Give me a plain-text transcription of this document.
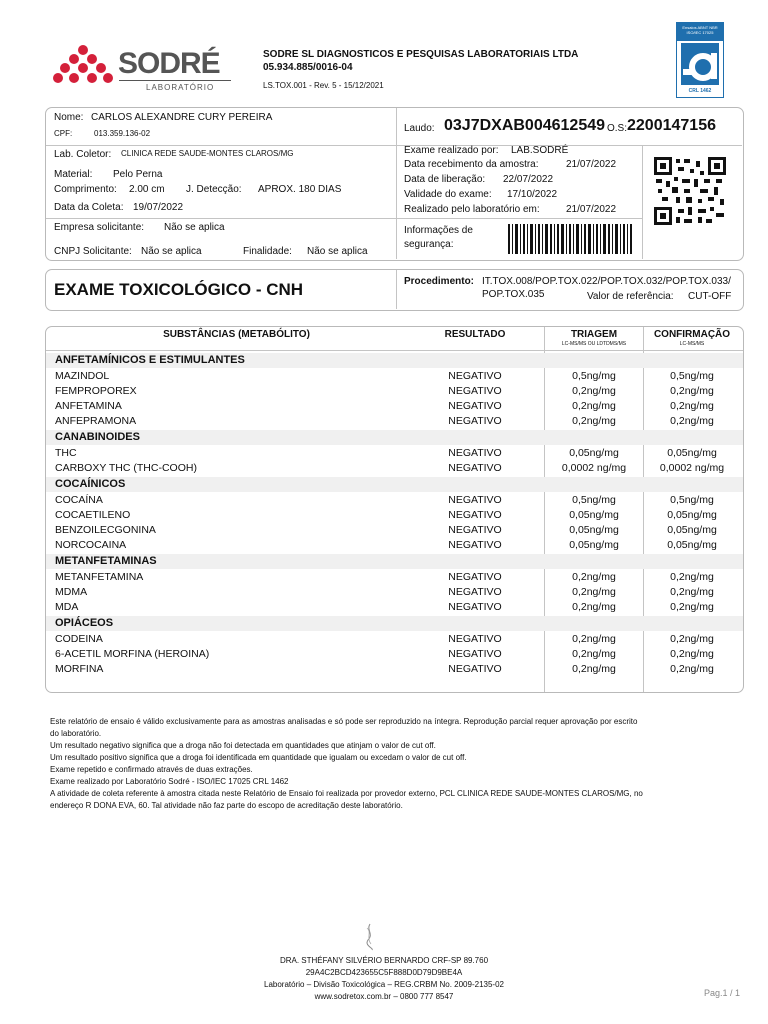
SODRÉ
LABORATÓRIO
SODRE SL DIAGNOSTICOS E PESQUISAS LABORATORIAIS LTDA
05.934.885/0016-04
LS.TOX.001 - Rev. 5 - 15/12/2021
Ensaios ABNT NBR ISO/IEC 17025
CRL 1462
Nome: CARLOS ALEXANDRE CURY PEREIRA
CPF:	013.359.136-02	Laudo: 03J7DXAB004612549 O.S: 2200147156
Lab. Coletor: CLINICA REDE SAUDE-MONTES CLAROS/MG
Material: Pelo Perna
Comprimento: 2.00 cm J. Detecção: APROX. 180 DIAS
Data da Coleta: 19/07/2022
Exame realizado por: LAB.SODRÉ
Data recebimento da amostra:	21/07/2022
Data de liberação: 22/07/2022
Validade do exame: 17/10/2022
Realizado pelo laboratório em:	21/07/2022
Empresa solicitante: Não se aplica
CNPJ Solicitante: Não se aplica	Finalidade: Não se aplica
Informações de
segurança:
EXAME TOXICOLÓGICO - CNH	Procedimento: IT.TOX.008/POP.TOX.022/POP.TOX.032/POP.TOX.033/
POP.TOX.035	Valor de referência: CUT-OFF
SUBSTÂNCIAS (METABÓLITO)	RESULTADO	TRIAGEM
LC-MS/MS OU LDTDMS/MS
CONFIRMAÇÃO
LC-MS/MS
ANFETAMÍNICOS E ESTIMULANTES
MAZINDOL	NEGATIVO	0,5ng/mg	0,5ng/mg
FEMPROPOREX	NEGATIVO	0,2ng/mg	0,2ng/mg
ANFETAMINA	NEGATIVO	0,2ng/mg	0,2ng/mg
ANFEPRAMONA	NEGATIVO	0,2ng/mg	0,2ng/mg
CANABINOIDES
THC	NEGATIVO	0,05ng/mg	0,05ng/mg
CARBOXY THC (THC-COOH)	NEGATIVO	0,0002 ng/mg	0,0002 ng/mg
COCAÍNICOS
COCAÍNA	NEGATIVO	0,5ng/mg	0,5ng/mg
COCAETILENO	NEGATIVO	0,05ng/mg	0,05ng/mg
BENZOILECGONINA	NEGATIVO	0,05ng/mg	0,05ng/mg
NORCOCAINA	NEGATIVO	0,05ng/mg	0,05ng/mg
METANFETAMINAS
METANFETAMINA	NEGATIVO	0,2ng/mg	0,2ng/mg
MDMA	NEGATIVO	0,2ng/mg	0,2ng/mg
MDA	NEGATIVO	0,2ng/mg	0,2ng/mg
OPIÁCEOS
CODEINA	NEGATIVO	0,2ng/mg	0,2ng/mg
6-ACETIL MORFINA (HEROINA)	NEGATIVO	0,2ng/mg	0,2ng/mg
MORFINA	NEGATIVO	0,2ng/mg	0,2ng/mg
Este relatório de ensaio é válido exclusivamente para as amostras analisadas e só pode ser reproduzido na íntegra. Reprodução parcial requer aprovação por escrito
do laboratório.
Um resultado negativo significa que a droga não foi detectada em quantidades que atinjam o valor de cut off.
Um resultado positivo significa que a droga foi identificada em quantidade que igualam ou excedam o valor de cut off.
Exame repetido e confirmado através de duas extrações.
Exame realizado por Laboratório Sodré - ISO/IEC 17025 CRL 1462
A atividade de coleta referente à amostra citada neste Relatório de Ensaio foi realizada por provedor externo, PCL CLINICA REDE SAUDE-MONTES CLAROS/MG, no
endereço R DONA EVA, 60. Tal atividade não faz parte do escopo de acreditação deste laboratório.
DRA. STHÉFANY SILVÉRIO BERNARDO CRF-SP 89.760
29A4C2BCD423655C5F888D0D79D9BE4A
Laboratório – Divisão Toxicológica – REG.CRBM No. 2009-2135-02
www.sodretox.com.br – 0800 777 8547	Pag.1 / 1
